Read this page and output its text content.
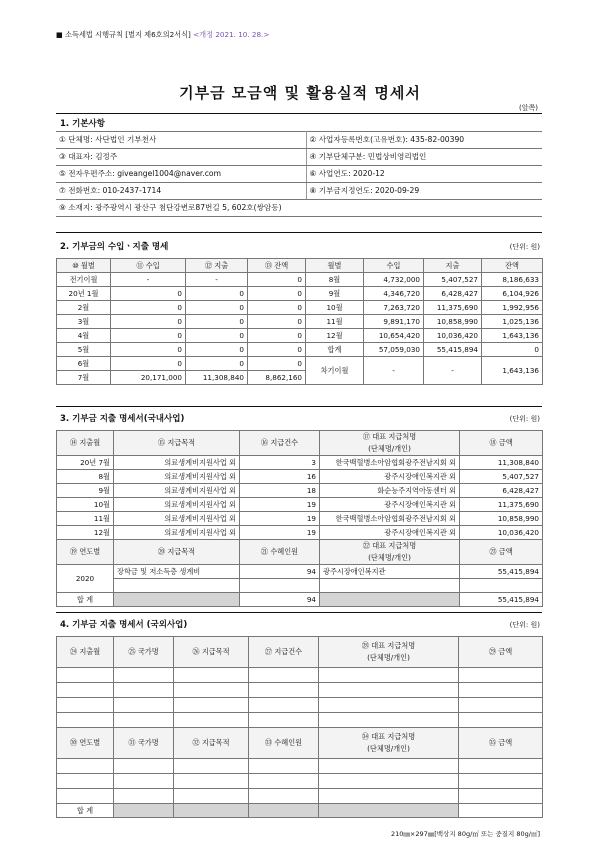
■ 소득세법 시행규칙 [별지 제6호의2서식] <개정 2021. 10. 28.>
기부금 모금액 및 활용실적 명세서
(앞쪽)
1. 기본사항
① 단체명: 사단법인 기부천사	② 사업자등록번호(고유번호): 435-82-00390
③ 대표자: 김정주	④ 기부단체구분: 민법상비영리법인
⑤ 전자우편주소: giveangel1004@naver.com	⑥ 사업연도: 2020-12
⑦ 전화번호: 010-2437-1714	⑧ 기부금지정연도: 2020-09-29
⑨ 소재지: 광주광역시 광산구 첨단강변로87번길 5, 602호(쌍암동)	
2. 기부금의 수입ㆍ지출 명세	(단위: 원)
⑩ 월별	⑪ 수입	⑫ 지출	⑬ 잔액	월별	수입	지출	잔액
전기이월	-	-	0	8월	4,732,000	5,407,527	8,186,633
20년 1월	0	0	0	9월	4,346,720	6,428,427	6,104,926
2월	0	0	0	10월	7,263,720	11,375,690	1,992,956
3월	0	0	0	11월	9,891,170	10,858,990	1,025,136
4월	0	0	0	12월	10,654,420	10,036,420	1,643,136
5월	0	0	0	합계	57,059,030	55,415,894	0
6월	0	0	0	차기이월	-	-	1,643,136
7월	20,171,000	11,308,840	8,862,160				
3. 기부금 지출 명세서(국내사업)	(단위: 원)
⑭ 지출월	⑮ 지급목적	⑯ 지급건수	⑰ 대표 지급처명
(단체명/개인)	⑱ 금액
20년 7월	의료생계비지원사업 외	3	한국백혈병소아암협회광주전남지회 외	11,308,840
8월	의료생계비지원사업 외	16	광주시장애인복지관 외	5,407,527
9월	의료생계비지원사업 외	18	화순능주지역아동센터 외	6,428,427
10월	의료생계비지원사업 외	19	광주시장애인복지관 외	11,375,690
11월	의료생계비지원사업 외	19	한국백혈병소아암협회광주전남지회 외	10,858,990
12월	의료생계비지원사업 외	19	광주시장애인복지관 외	10,036,420
⑲ 연도별	⑳ 지급목적	㉑ 수혜인원	㉒ 대표 지급처명
(단체명/개인)	㉓ 금액
2020	장학금 및 저소득층 생계비	94	광주시장애인복지관	55,415,894

합 계		94		55,415,894
4. 기부금 지출 명세서 (국외사업)	(단위: 원)
㉔ 지출월	㉕ 국가명	㉖ 지급목적	㉗ 지급건수	㉘ 대표 지급처명
(단체명/개인)	㉙ 금액

㉚ 연도별	㉛ 국가명	㉜ 지급목적	㉝ 수혜인원	㉞ 대표 지급처명
(단체명/개인)	㉟ 금액

합 계					
210㎜×297㎜[백상지 80g/㎡ 또는 중질지 80g/㎡]
